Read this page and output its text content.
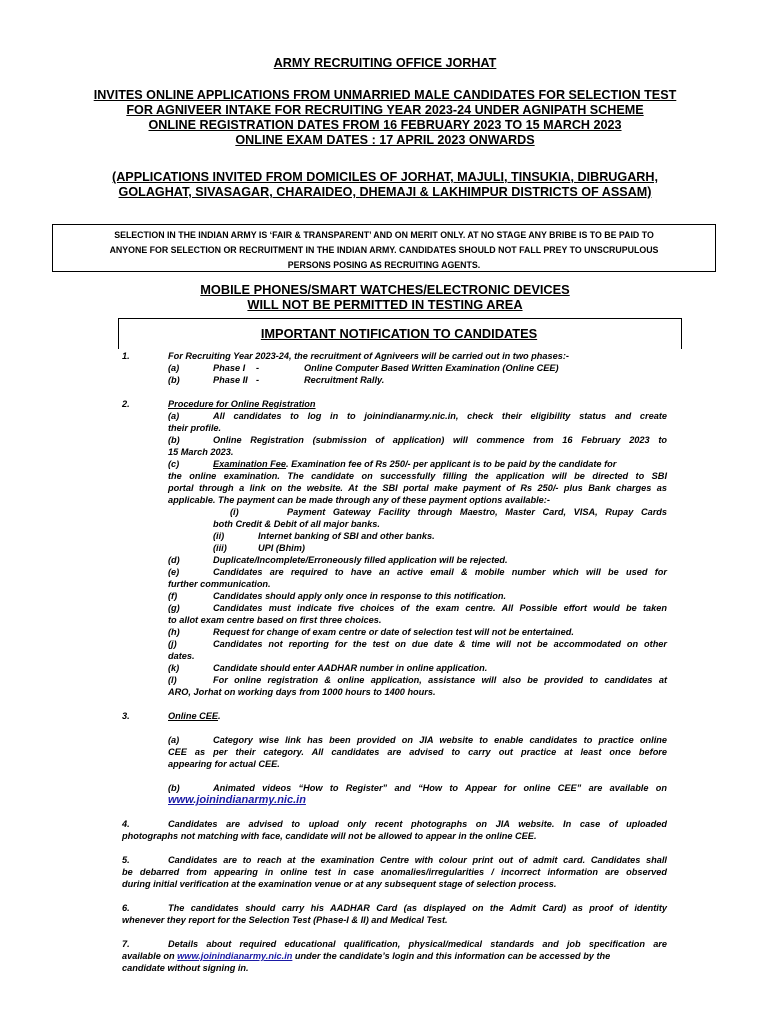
ARMY RECRUITING OFFICE JORHAT
INVITES ONLINE APPLICATIONS FROM UNMARRIED MALE CANDIDATES FOR SELECTION TEST
FOR AGNIVEER INTAKE FOR RECRUITING YEAR 2023-24 UNDER AGNIPATH SCHEME
ONLINE REGISTRATION DATES FROM 16 FEBRUARY 2023 TO 15 MARCH 2023
ONLINE EXAM DATES : 17 APRIL 2023 ONWARDS
(APPLICATIONS INVITED FROM DOMICILES OF JORHAT, MAJULI, TINSUKIA, DIBRUGARH,
GOLAGHAT, SIVASAGAR, CHARAIDEO, DHEMAJI & LAKHIMPUR DISTRICTS OF ASSAM)
SELECTION IN THE INDIAN ARMY IS ‘FAIR & TRANSPARENT’ AND ON MERIT ONLY. AT NO STAGE ANY BRIBE IS TO BE PAID TO
ANYONE FOR SELECTION OR RECRUITMENT IN THE INDIAN ARMY. CANDIDATES SHOULD NOT FALL PREY TO UNSCRUPULOUS
PERSONS POSING AS RECRUITING AGENTS.
MOBILE PHONES/SMART WATCHES/ELECTRONIC DEVICES
WILL NOT BE PERMITTED IN TESTING AREA
IMPORTANT NOTIFICATION TO CANDIDATES
1.	For Recruiting Year 2023-24, the recruitment of Agniveers will be carried out in two phases:-
(a)	Phase I -	Online Computer Based Written Examination (Online CEE)
(b)	Phase II -	Recruitment Rally.
2.	Procedure for Online Registration
(a)	All candidates to log in to joinindianarmy.nic.in, check their eligibility status and create
their profile.
(b)	Online Registration (submission of application) will commence from 16 February 2023 to
15 March 2023.
(c)	Examination Fee. Examination fee of Rs 250/- per applicant is to be paid by the candidate for
the online examination. The candidate on successfully filling the application will be directed to SBI
portal through a link on the website. At the SBI portal make payment of Rs 250/- plus Bank charges as
applicable. The payment can be made through any of these payment options available:-
(i)	Payment Gateway Facility through Maestro, Master Card, VISA, Rupay Cards
both Credit & Debit of all major banks.
(ii)	Internet banking of SBI and other banks.
(iii)	UPI (Bhim)
(d)	Duplicate/Incomplete/Erroneously filled application will be rejected.
(e)	Candidates are required to have an active email & mobile number which will be used for
further communication.
(f)	Candidates should apply only once in response to this notification.
(g)	Candidates must indicate five choices of the exam centre. All Possible effort would be taken
to allot exam centre based on first three choices.
(h)	Request for change of exam centre or date of selection test will not be entertained.
(j)	Candidates not reporting for the test on due date & time will not be accommodated on other
dates.
(k)	Candidate should enter AADHAR number in online application.
(l)	For online registration & online application, assistance will also be provided to candidates at
ARO, Jorhat on working days from 1000 hours to 1400 hours.
3.	Online CEE.
(a)	Category wise link has been provided on JIA website to enable candidates to practice online
CEE as per their category. All candidates are advised to carry out practice at least once before
appearing for actual CEE.
(b)	Animated videos “How to Register” and “How to Appear for online CEE” are available on
www.joinindianarmy.nic.in
4.	Candidates are advised to upload only recent photographs on JIA website. In case of uploaded
photographs not matching with face, candidate will not be allowed to appear in the online CEE.
5.	Candidates are to reach at the examination Centre with colour print out of admit card. Candidates shall
be debarred from appearing in online test in case anomalies/irregularities / incorrect information are observed
during initial verification at the examination venue or at any subsequent stage of selection process.
6.	The candidates should carry his AADHAR Card (as displayed on the Admit Card) as proof of identity
whenever they report for the Selection Test (Phase-I & II) and Medical Test.
7.	Details about required educational qualification, physical/medical standards and job specification are
available on www.joinindianarmy.nic.in under the candidate’s login and this information can be accessed by the
candidate without signing in.
